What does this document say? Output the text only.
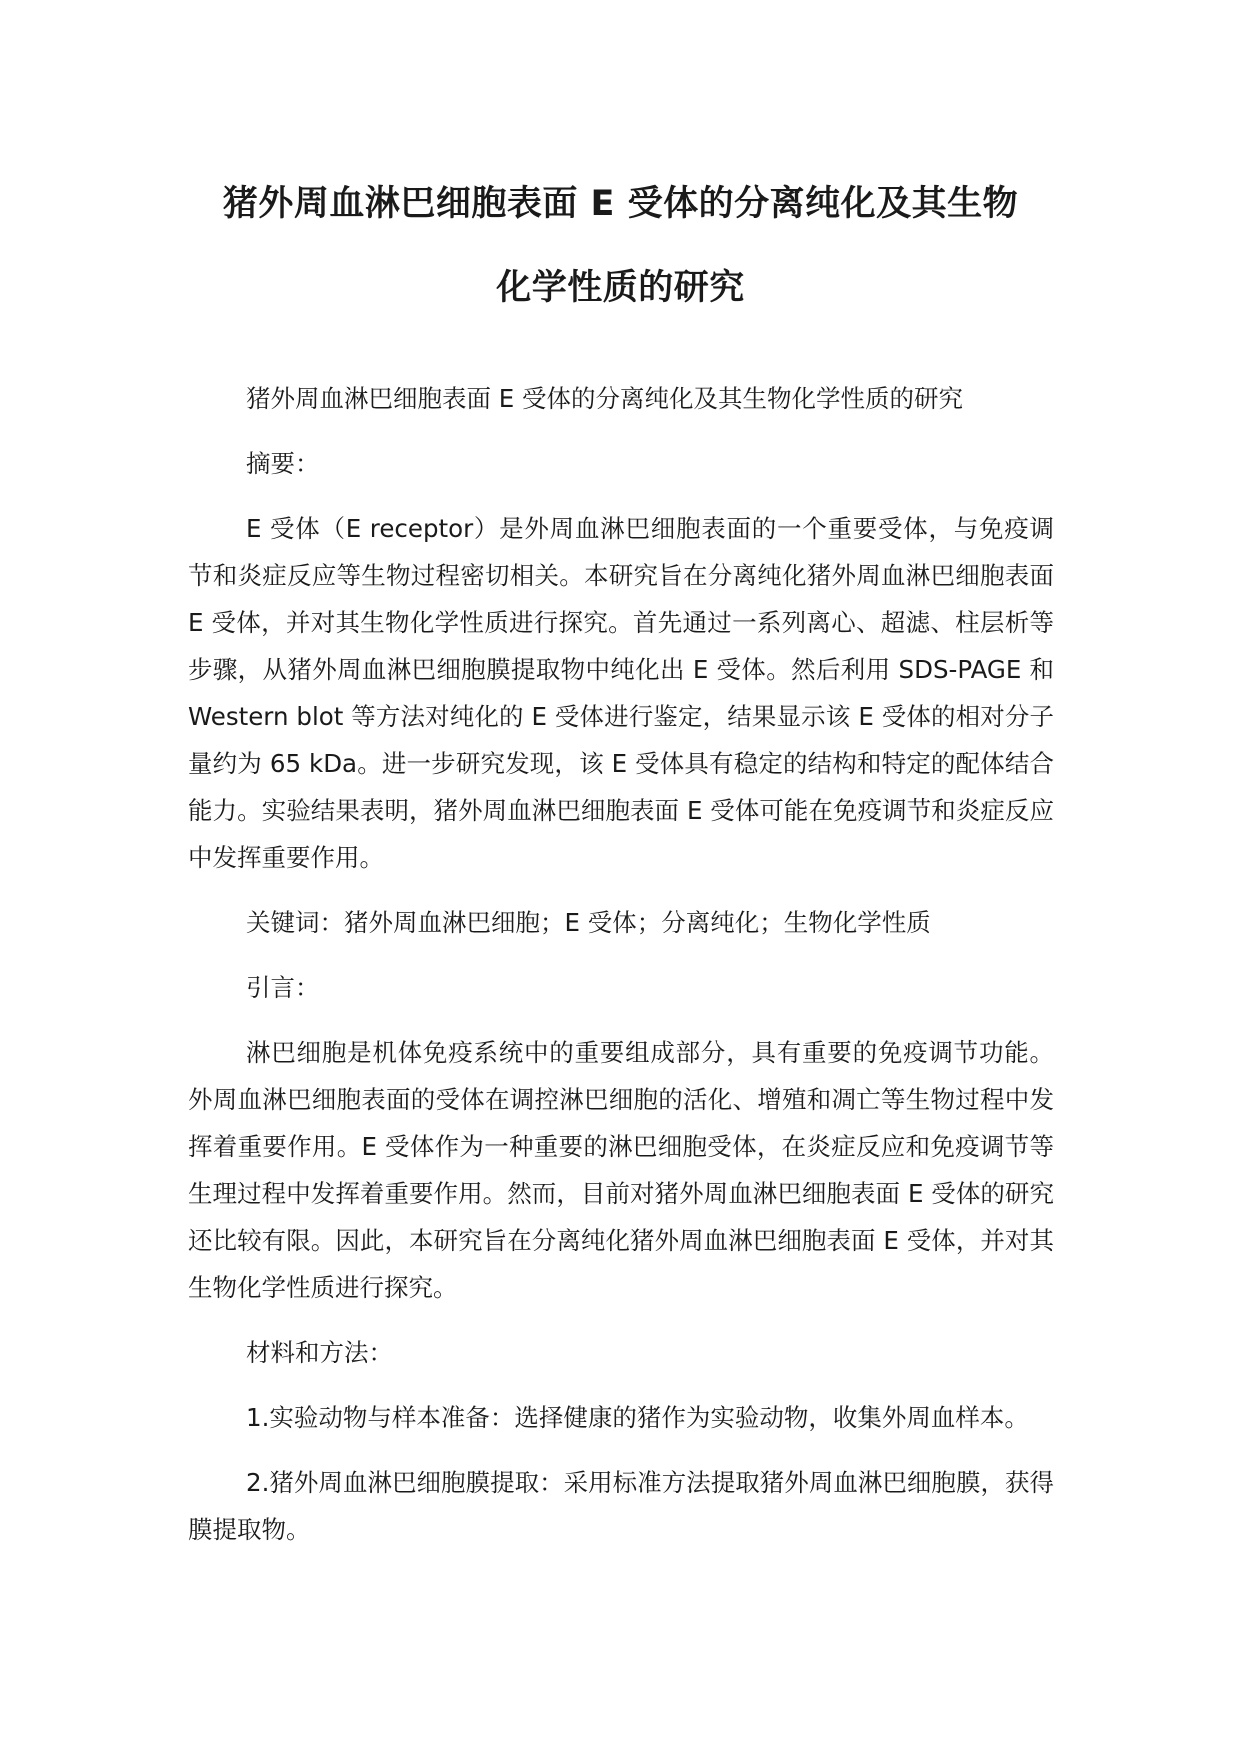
猪外周血淋巴细胞表面 E 受体的分离纯化及其生物
化学性质的研究

猪外周血淋巴细胞表面 E 受体的分离纯化及其生物化学性质的研究

摘要：

E 受体（E receptor）是外周血淋巴细胞表面的一个重要受体，与免疫调节和炎症反应等生物过程密切相关。本研究旨在分离纯化猪外周血淋巴细胞表面 E 受体，并对其生物化学性质进行探究。首先通过一系列离心、超滤、柱层析等步骤，从猪外周血淋巴细胞膜提取物中纯化出 E 受体。然后利用 SDS-PAGE 和 Western blot 等方法对纯化的 E 受体进行鉴定，结果显示该 E 受体的相对分子量约为 65 kDa。进一步研究发现，该 E 受体具有稳定的结构和特定的配体结合能力。实验结果表明，猪外周血淋巴细胞表面 E 受体可能在免疫调节和炎症反应中发挥重要作用。

关键词：猪外周血淋巴细胞；E 受体；分离纯化；生物化学性质

引言：

淋巴细胞是机体免疫系统中的重要组成部分，具有重要的免疫调节功能。外周血淋巴细胞表面的受体在调控淋巴细胞的活化、增殖和凋亡等生物过程中发挥着重要作用。E 受体作为一种重要的淋巴细胞受体，在炎症反应和免疫调节等生理过程中发挥着重要作用。然而，目前对猪外周血淋巴细胞表面 E 受体的研究还比较有限。因此，本研究旨在分离纯化猪外周血淋巴细胞表面 E 受体，并对其生物化学性质进行探究。

材料和方法：

1.实验动物与样本准备：选择健康的猪作为实验动物，收集外周血样本。

2.猪外周血淋巴细胞膜提取：采用标准方法提取猪外周血淋巴细胞膜，获得膜提取物。
